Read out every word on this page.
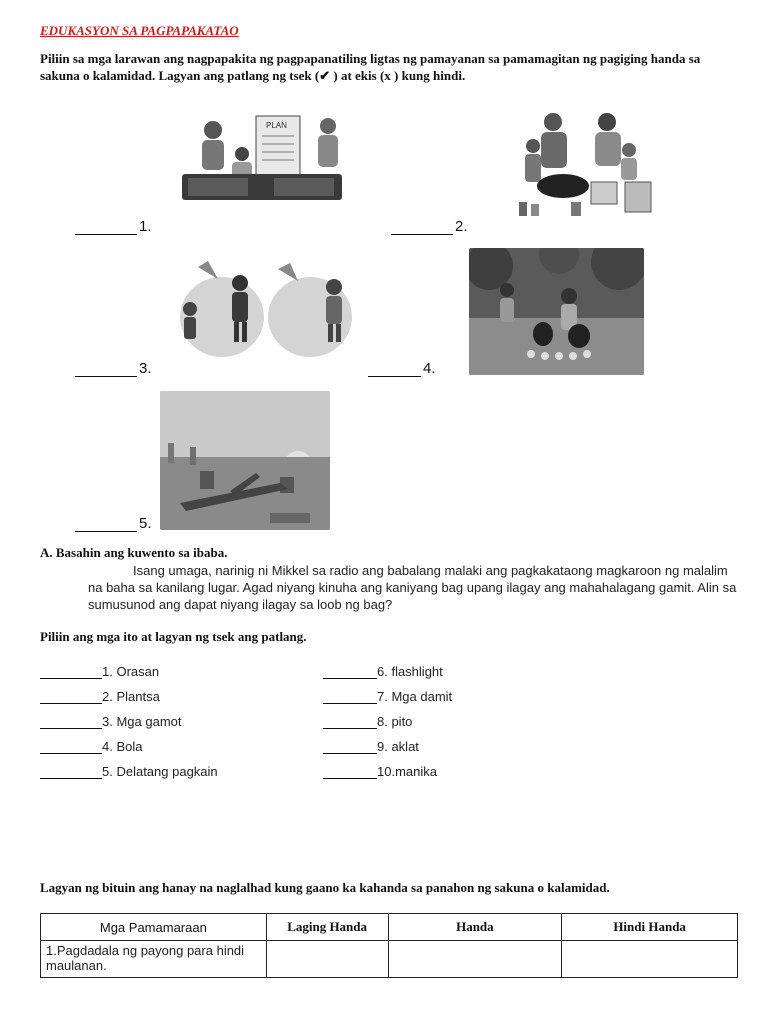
EDUKASYON SA PAGPAPAKATAO
Piliin sa mga larawan ang nagpapakita ng pagpapanatiling ligtas ng pamayanan sa pamamagitan ng pagiging handa sa sakuna o kalamidad. Lagyan ang patlang ng tsek (✔ ) at ekis (x ) kung hindi.
PLAN
1.	2.
3.	4.
5.
A. Basahin ang kuwento sa ibaba.
Isang umaga, narinig ni Mikkel sa radio ang babalang malaki ang pagkakataong magkaroon ng malalim na baha sa kanilang lugar. Agad niyang kinuha ang kaniyang bag upang ilagay ang mahahalagang gamit. Alin sa sumusunod ang dapat niyang ilagay sa loob ng bag?
Piliin ang mga ito at lagyan ng tsek ang patlang.
1. Orasan
2. Plantsa
3. Mga gamot
4. Bola
5. Delatang pagkain
6. flashlight
7. Mga damit
8. pito
9. aklat
10.manika
Lagyan ng bituin ang hanay na naglalhad kung gaano ka kahanda sa panahon ng sakuna o kalamidad.
Mga Pamamaraan	Laging Handa	Handa	Hindi Handa
1.Pagdadala ng payong para hindi maulanan.			
